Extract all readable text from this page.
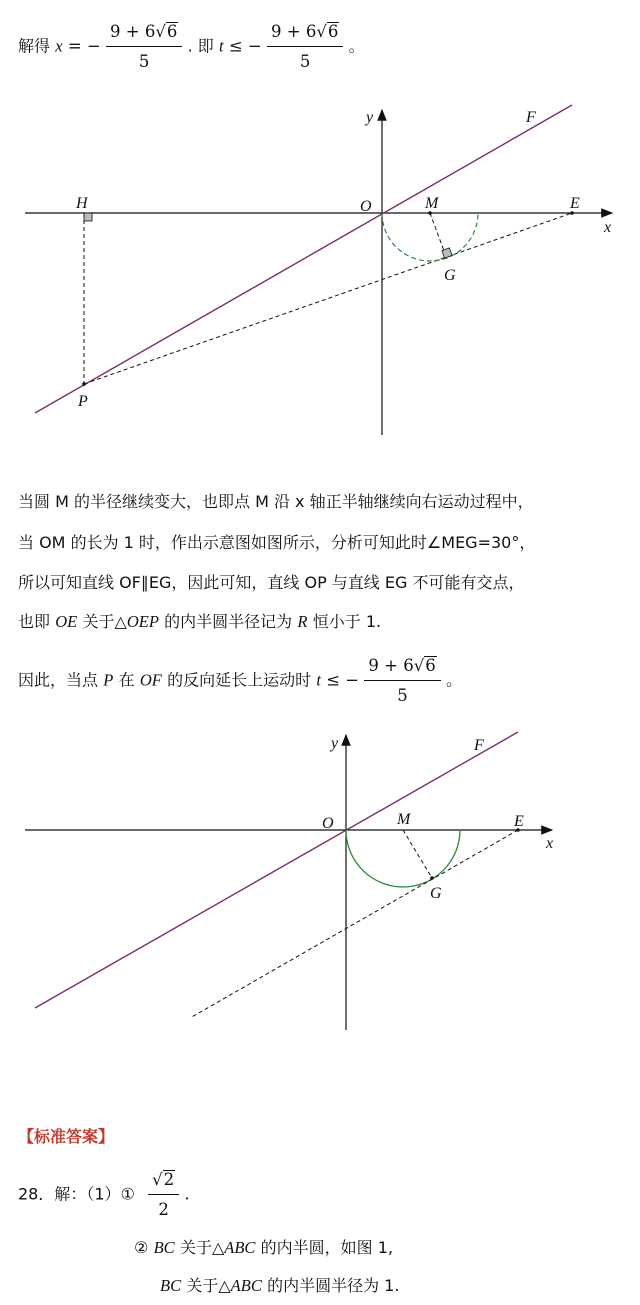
解得 x = − $\frac{9 + 6√6}{5}$ . 即 t ≤ − $\frac{9 + 6√6}{5}$ 。
y
x
O	M	E
F
H
G
P
当圆 M 的半径继续变大，也即点 M 沿 x 轴正半轴继续向右运动过程中，
当 OM 的长为 1 时，作出示意图如图所示，分析可知此时∠MEG=30°，
所以可知直线 OF∥EG，因此可知，直线 OP 与直线 EG 不可能有交点，
也即 OE 关于△OEP 的内半圆半径记为 R 恒小于 1.
因此，当点 P 在 OF 的反向延长上运动时 t ≤ − $\frac{9 + 6√6}{5}$ 。
y
x
O	M	E
F
G
【标准答案】
28．解：（1）① $\frac{√2}{2}$ .
② BC 关于△ABC 的内半圆，如图 1,
BC 关于△ABC 的内半圆半径为 1.
